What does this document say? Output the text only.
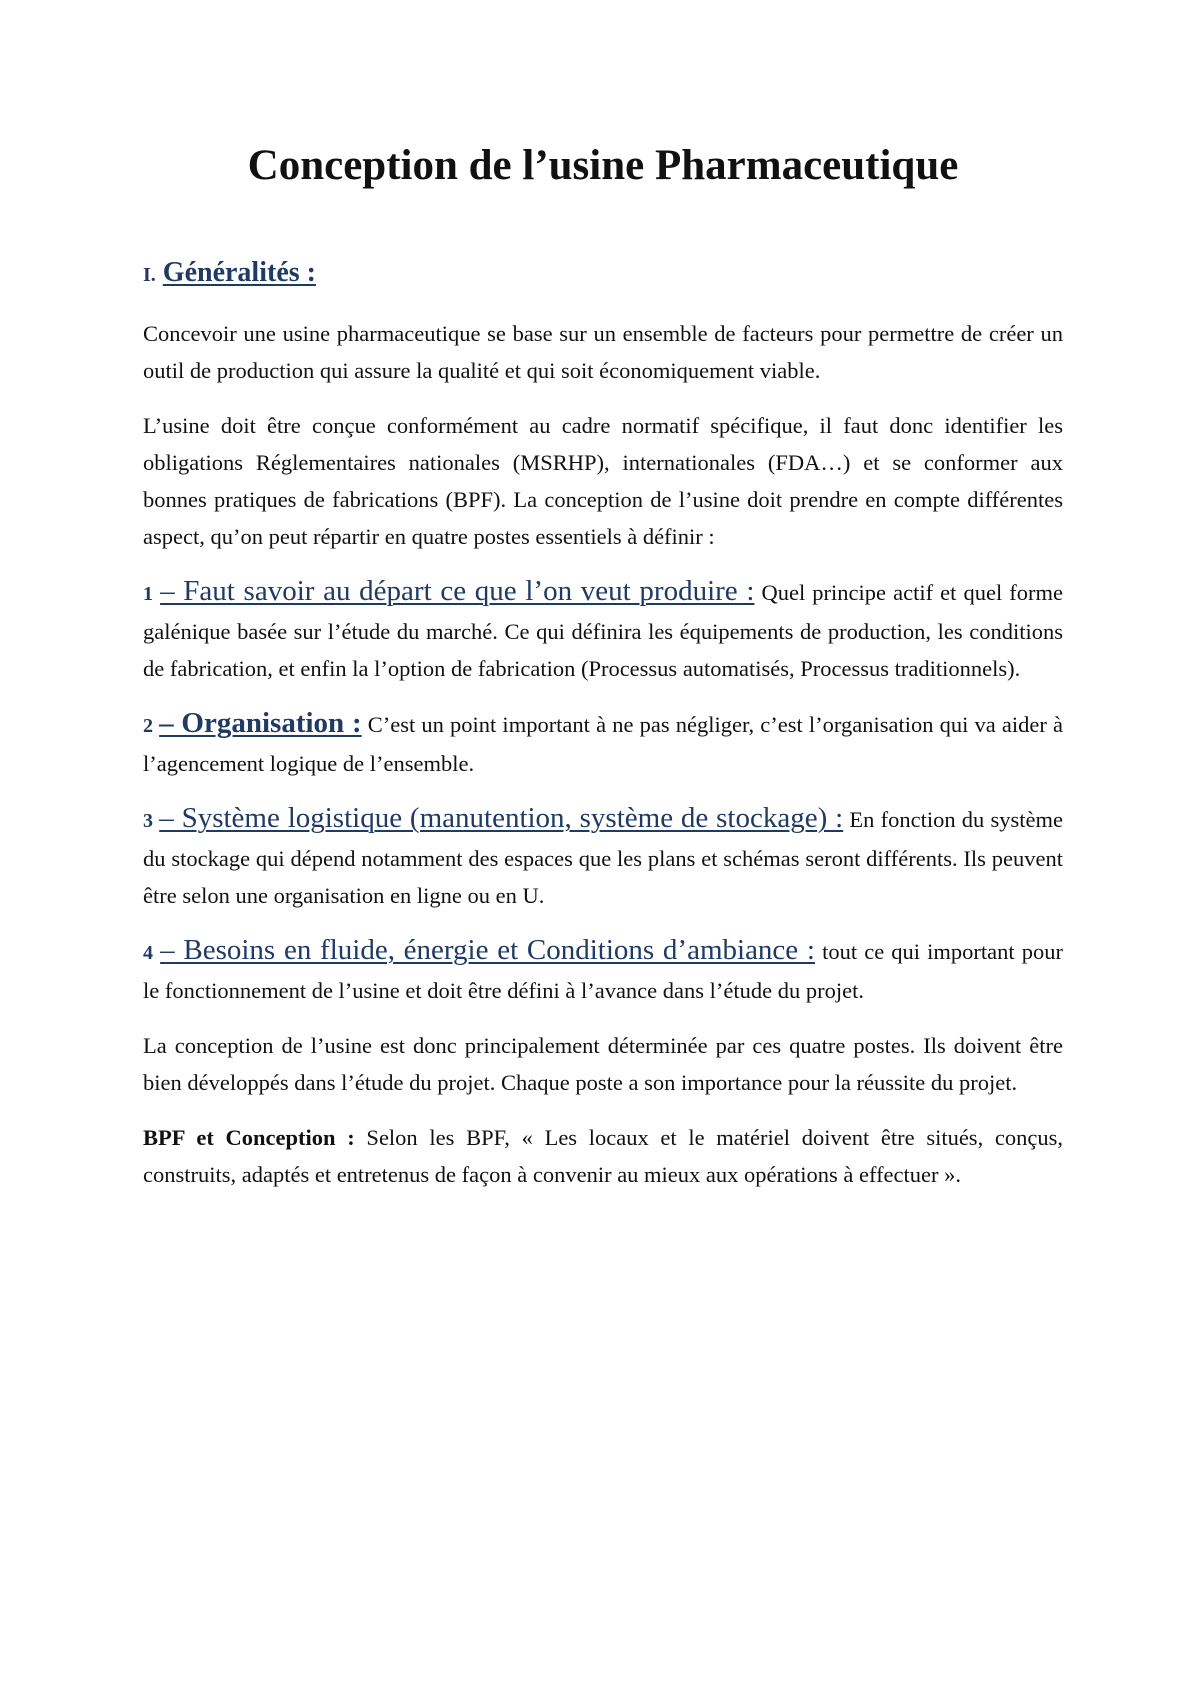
Conception de l’usine Pharmaceutique
I. Généralités :

Concevoir une usine pharmaceutique se base sur un ensemble de facteurs pour permettre de créer un outil de production qui assure la qualité et qui soit économiquement viable.

L’usine doit être conçue conformément au cadre normatif spécifique, il faut donc identifier les obligations Réglementaires nationales (MSRHP), internationales (FDA…) et se conformer aux bonnes pratiques de fabrications (BPF). La conception de l’usine doit prendre en compte différentes aspect, qu’on peut répartir en quatre postes essentiels à définir :

1 – Faut savoir au départ ce que l’on veut produire : Quel principe actif et quel forme galénique basée sur l’étude du marché. Ce qui définira les équipements de production, les conditions de fabrication, et enfin la l’option de fabrication (Processus automatisés, Processus traditionnels).

2 – Organisation : C’est un point important à ne pas négliger, c’est l’organisation qui va aider à l’agencement logique de l’ensemble.

3 – Système logistique (manutention, système de stockage) : En fonction du système du stockage qui dépend notamment des espaces que les plans et schémas seront différents. Ils peuvent être selon une organisation en ligne ou en U.

4 – Besoins en fluide, énergie et Conditions d’ambiance : tout ce qui important pour le fonctionnement de l’usine et doit être défini à l’avance dans l’étude du projet.

La conception de l’usine est donc principalement déterminée par ces quatre postes. Ils doivent être bien développés dans l’étude du projet. Chaque poste a son importance pour la réussite du projet.

BPF et Conception : Selon les BPF, « Les locaux et le matériel doivent être situés, conçus, construits, adaptés et entretenus de façon à convenir au mieux aux opérations à effectuer ».
